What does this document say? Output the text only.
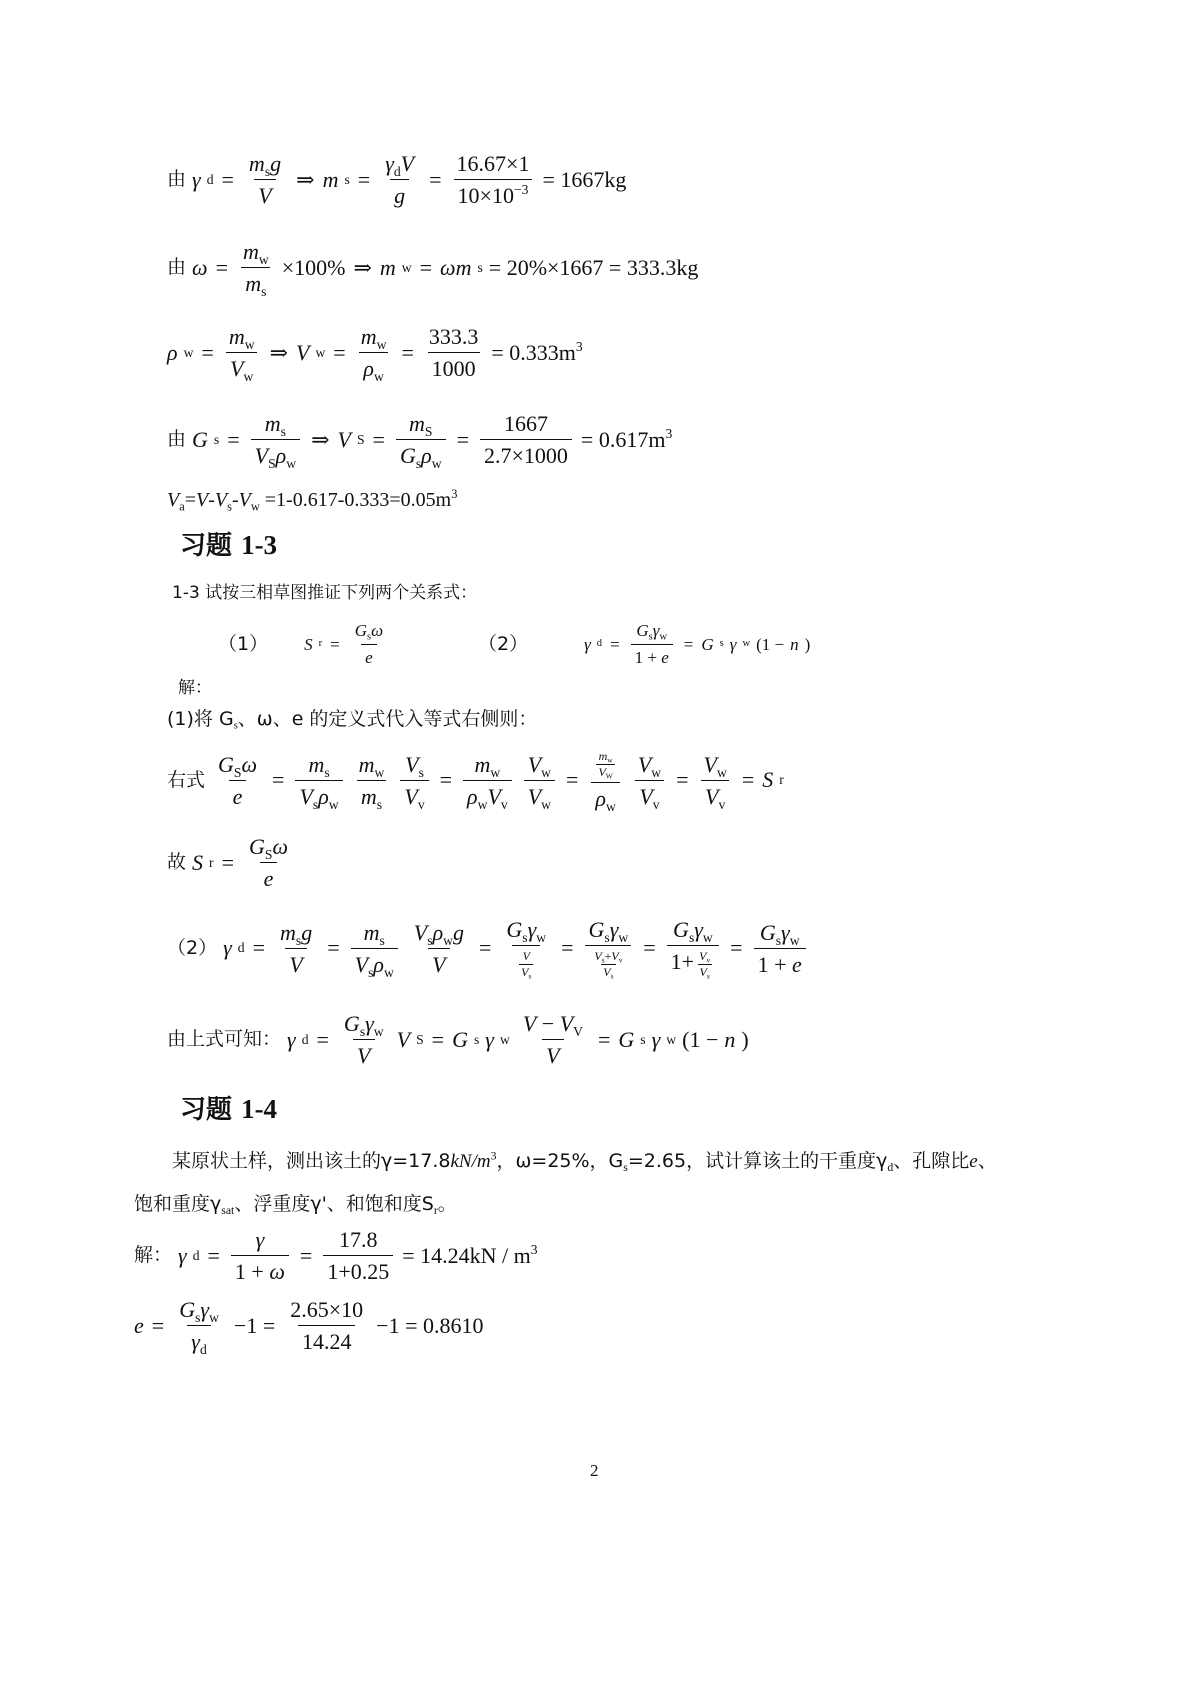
由 γ $d = \frac{m_sg}{V}$ ⇒ m $s = \frac{\gamma_dV}{g} = \frac{16.67\times 1}{10\times 10^{-3}} = 1667kg$
由 $\omega = \frac{m_w}{m_s} \times 100\%$ ⇒ m w = ωm s = 20%×1667 = 333.3kg
ρ $w = \frac{m_w}{V_w}$ ⇒ V $w = \frac{m_w}{\rho_w} = \frac{333.3}{1000} = 0.333m^3$
由 G $s = \frac{m_s}{V_S\rho_w}$ ⇒ V $S = \frac{m_S}{G_s\rho_w} = \frac{1667}{2.7\times 1000} = 0.617m^3$
$V_a=V-V_s-V_w =1-0.617-0.333=0.05m^3$
习题 1-3
1-3 试按三相草图推证下列两个关系式：
（1） S $r = \frac{G_s\omega}{e}$	（2）	γ $d = \frac{G_s\gamma_w}{1 + e} = G$ s γ w (1 − n )
解：
(1)将 $G_s$、ω、e 的定义式代入等式右侧则：
右式 $\frac{G_S\omega}{e} = \frac{m_s}{V_s\rho_w} \frac{m_w}{m_s} \frac{V_s}{V_v} = \frac{m_w}{\rho_wV_v} \frac{V_w}{V_w} = \frac{\frac{m_w}{V_W}}{\rho_w} \frac{V_w}{V_v} = \frac{V_w}{V_v} = S$ r
故 S $r = \frac{G_S\omega}{e}$
（2） γ $d = \frac{m_sg}{V} = \frac{m_s}{V_s\rho_w} \frac{V_s\rho_wg}{V} = \frac{G_s\gamma_w}{\frac{V}{V_s}} = \frac{G_s\gamma_w}{\frac{V_s+V_v}{V_s}} = \frac{G_s\gamma_w}{1+ \frac{V_v}{V_s}} = \frac{G_s\gamma_w}{1 + e}$
由上式可知： γ $d = \frac{G_s\gamma_w}{V}$ V S = G s γ w $\frac{V - V_V}{V} = G$ s γ w (1 − n )
习题 1-4
某原状土样，测出该土的$\gamma=17.8kN/m^3$，ω=25%，$G_s=2.65$，试计算该土的干重度$\gamma_d$、孔隙比e、
饱和重度$\gamma_{sat}$、浮重度γ'、和饱和度$S_r$。
解： γ $d = \frac{\gamma}{1 + \omega} = \frac{17.8}{1+0.25} = 14.24kN / m^3$
$e = \frac{G_s\gamma_w}{\gamma_d} -1 = \frac{2.65\times 10}{14.24} -1 = 0.8610$
2
